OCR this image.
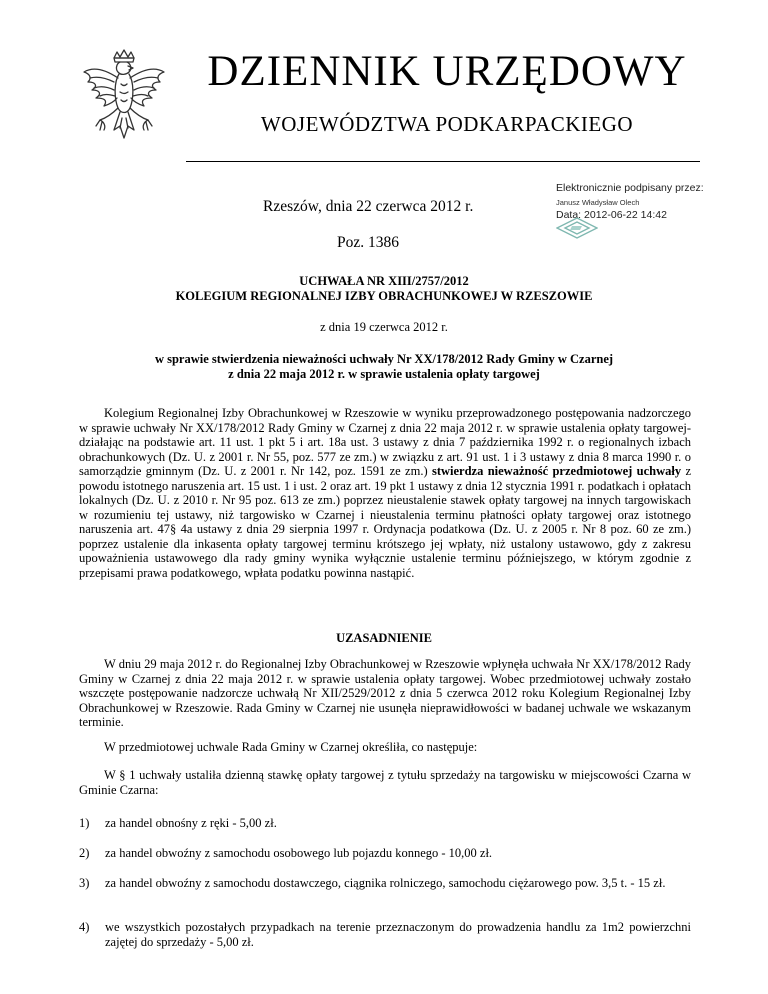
DZIENNIK URZĘDOWY
WOJEWÓDZTWA PODKARPACKIEGO
Rzeszów, dnia 22 czerwca 2012 r.
Poz. 1386
Elektronicznie podpisany przez:
Janusz Władysław Olech
Data: 2012-06-22 14:42
UCHWAŁA NR XIII/2757/2012
KOLEGIUM REGIONALNEJ IZBY OBRACHUNKOWEJ W RZESZOWIE
z dnia 19 czerwca 2012 r.
w sprawie stwierdzenia nieważności uchwały Nr XX/178/2012 Rady Gminy w Czarnej
z dnia 22 maja 2012 r. w sprawie ustalenia opłaty targowej
Kolegium Regionalnej Izby Obrachunkowej w Rzeszowie w wyniku przeprowadzonego postępowania nadzorczego w sprawie uchwały Nr XX/178/2012 Rady Gminy w Czarnej z dnia 22 maja 2012 r. w sprawie ustalenia opłaty targowej- działając na podstawie art. 11 ust. 1 pkt 5 i art. 18a ust. 3 ustawy z dnia 7 października 1992 r. o regionalnych izbach obrachunkowych (Dz. U. z 2001 r. Nr 55, poz. 577 ze zm.) w związku z art. 91 ust. 1 i 3 ustawy z dnia 8 marca 1990 r. o samorządzie gminnym (Dz. U. z 2001 r. Nr 142, poz. 1591 ze zm.) stwierdza nieważność przedmiotowej uchwały z powodu istotnego naruszenia art. 15 ust. 1 i ust. 2 oraz art. 19 pkt 1 ustawy z dnia 12 stycznia 1991 r. podatkach i opłatach lokalnych (Dz. U. z 2010 r. Nr 95 poz. 613 ze zm.) poprzez nieustalenie stawek opłaty targowej na innych targowiskach w rozumieniu tej ustawy, niż targowisko w Czarnej i nieustalenia terminu płatności opłaty targowej oraz istotnego naruszenia art. 47§ 4a ustawy z dnia 29 sierpnia 1997 r. Ordynacja podatkowa (Dz. U. z 2005 r. Nr 8 poz. 60 ze zm.) poprzez ustalenie dla inkasenta opłaty targowej terminu krótszego jej wpłaty, niż ustalony ustawowo, gdy z zakresu upoważnienia ustawowego dla rady gminy wynika wyłącznie ustalenie terminu późniejszego, w którym zgodnie z przepisami prawa podatkowego, wpłata podatku powinna nastąpić.
UZASADNIENIE
W dniu 29 maja 2012 r. do Regionalnej Izby Obrachunkowej w Rzeszowie wpłynęła uchwała Nr XX/178/2012 Rady Gminy w Czarnej z dnia 22 maja 2012 r. w sprawie ustalenia opłaty targowej. Wobec przedmiotowej uchwały zostało wszczęte postępowanie nadzorcze uchwałą Nr XII/2529/2012 z dnia 5 czerwca 2012 roku Kolegium Regionalnej Izby Obrachunkowej w Rzeszowie. Rada Gminy w Czarnej nie usunęła nieprawidłowości w badanej uchwale we wskazanym terminie.
W przedmiotowej uchwale Rada Gminy w Czarnej określiła, co następuje:
W § 1 uchwały ustaliła dzienną stawkę opłaty targowej z tytułu sprzedaży na targowisku w miejscowości Czarna w Gminie Czarna:
1) za handel obnośny z ręki - 5,00 zł.
2) za handel obwoźny z samochodu osobowego lub pojazdu konnego - 10,00 zł.
3) za handel obwoźny z samochodu dostawczego, ciągnika rolniczego, samochodu ciężarowego pow. 3,5 t. - 15 zł.
4) we wszystkich pozostałych przypadkach na terenie przeznaczonym do prowadzenia handlu za 1m2 powierzchni zajętej do sprzedaży - 5,00 zł.
